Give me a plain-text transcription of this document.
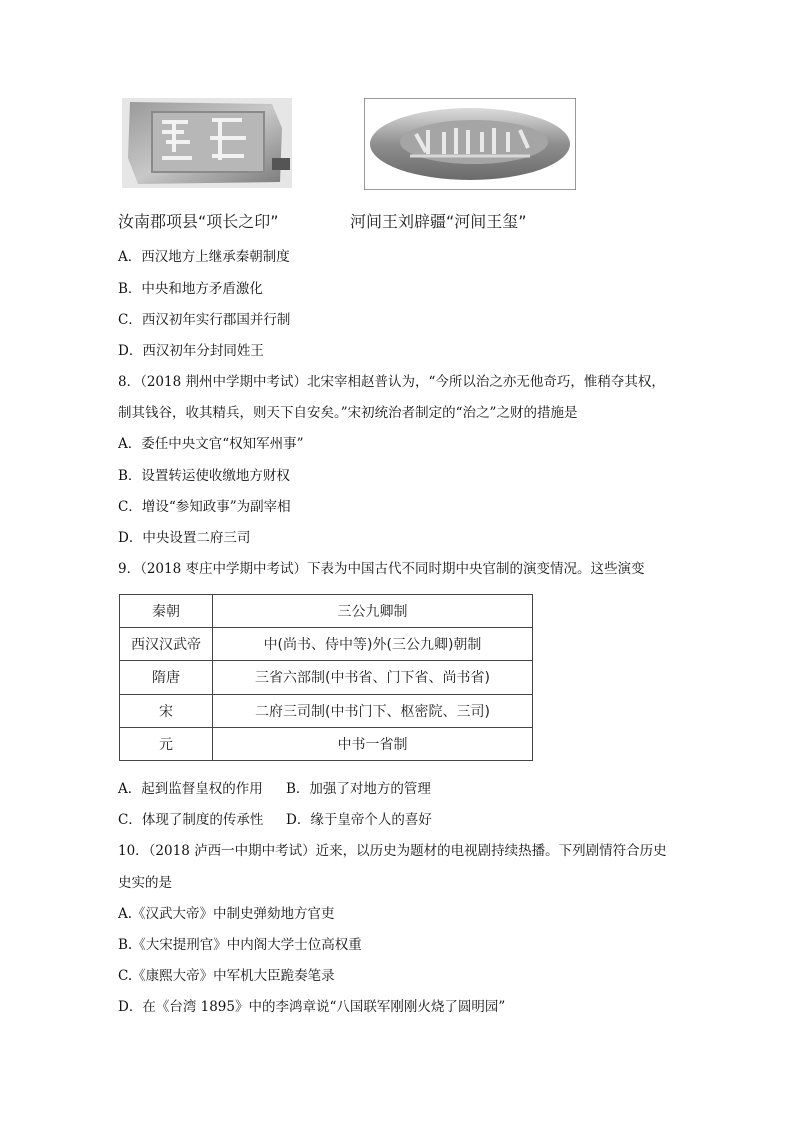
汝南郡项县“项长之印”	河间王刘辟疆“河间王玺”
A．西汉地方上继承秦朝制度
B．中央和地方矛盾激化
C．西汉初年实行郡国并行制
D．西汉初年分封同姓王
8．（2018 荆州中学期中考试）北宋宰相赵普认为，“今所以治之亦无他奇巧，惟稍夺其权，
制其钱谷，收其精兵，则天下自安矣。”宋初统治者制定的“治之”之财的措施是
A．委任中央文官“权知军州事”
B．设置转运使收缴地方财权
C．增设“参知政事”为副宰相
D．中央设置二府三司
9．（2018 枣庄中学期中考试）下表为中国古代不同时期中央官制的演变情况。这些演变
秦朝	三公九卿制
西汉汉武帝	中(尚书、侍中等)外(三公九卿)朝制
隋唐	三省六部制(中书省、门下省、尚书省)
宋	二府三司制(中书门下、枢密院、三司)
元	中书一省制
A．起到监督皇权的作用 B．加强了对地方的管理
C．体现了制度的传承性 D．缘于皇帝个人的喜好
10．（2018 泸西一中期中考试）近来，以历史为题材的电视剧持续热播。下列剧情符合历史
史实的是
A.《汉武大帝》中制史弹劾地方官吏
B.《大宋提刑官》中内阁大学士位高权重
C.《康熙大帝》中军机大臣跪奏笔录
D．在《台湾 1895》中的李鸿章说“八国联军刚刚火烧了圆明园”
